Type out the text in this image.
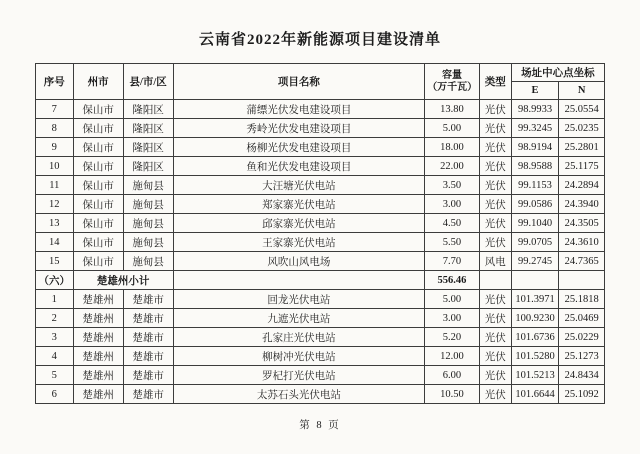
云南省2022年新能源项目建设清单
序号	州市	县/市/区	项目名称	容量
（万千瓦）	类型	场址中心点坐标	
						E	N
7	保山市	隆阳区	蒲缥光伏发电建设项目	13.80	光伏	98.9933	25.0554
8	保山市	隆阳区	秀岭光伏发电建设项目	5.00	光伏	99.3245	25.0235
9	保山市	隆阳区	杨柳光伏发电建设项目	18.00	光伏	98.9194	25.2801
10	保山市	隆阳区	鱼和光伏发电建设项目	22.00	光伏	98.9588	25.1175
11	保山市	施甸县	大汪塘光伏电站	3.50	光伏	99.1153	24.2894
12	保山市	施甸县	郑家寨光伏电站	3.00	光伏	99.0586	24.3940
13	保山市	施甸县	邱家寨光伏电站	4.50	光伏	99.1040	24.3505
14	保山市	施甸县	王家寨光伏电站	5.50	光伏	99.0705	24.3610
15	保山市	施甸县	风吹山风电场	7.70	风电	99.2745	24.7365
（六）	楚雄州小计			556.46			
1	楚雄州	楚雄市	回龙光伏电站	5.00	光伏	101.3971	25.1818
2	楚雄州	楚雄市	九遮光伏电站	3.00	光伏	100.9230	25.0469
3	楚雄州	楚雄市	孔家庄光伏电站	5.20	光伏	101.6736	25.0229
4	楚雄州	楚雄市	柳树冲光伏电站	12.00	光伏	101.5280	25.1273
5	楚雄州	楚雄市	罗杞打光伏电站	6.00	光伏	101.5213	24.8434
6	楚雄州	楚雄市	太苏石头光伏电站	10.50	光伏	101.6644	25.1092
第 8 页
